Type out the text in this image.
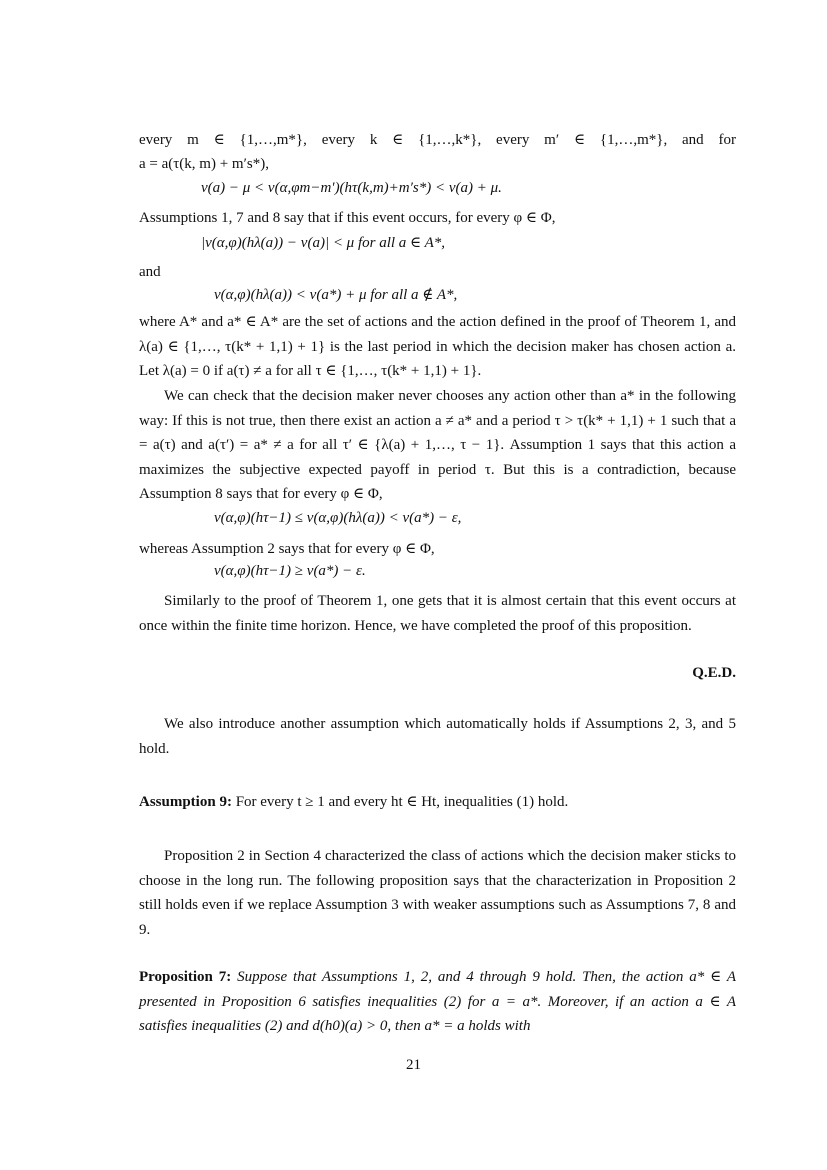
every m ∈ {1,…,m*}, every k ∈ {1,…,k*}, every m′ ∈ {1,…,m*}, and for
a = a(τ(k, m) + m′s*),
v(a) − μ < v(α,φm−m′)(hτ(k,m)+m′s*) < v(a) + μ.
Assumptions 1, 7 and 8 say that if this event occurs, for every φ ∈ Φ,
|v(α,φ)(hλ(a)) − v(a)| < μ for all a ∈ A*,
and
v(α,φ)(hλ(a)) < v(a*) + μ for all a ∉ A*,
where A* and a* ∈ A* are the set of actions and the action defined in the proof of Theorem 1, and λ(a) ∈ {1,…, τ(k* + 1,1) + 1} is the last period in which the decision maker has chosen action a. Let λ(a) = 0 if a(τ) ≠ a for all τ ∈ {1,…, τ(k* + 1,1) + 1}.
We can check that the decision maker never chooses any action other than a* in the following way: If this is not true, then there exist an action a ≠ a* and a period τ > τ(k* + 1,1) + 1 such that a = a(τ) and a(τ′) = a* ≠ a for all τ′ ∈ {λ(a) + 1,…, τ − 1}. Assumption 1 says that this action a maximizes the subjective expected payoff in period τ. But this is a contradiction, because Assumption 8 says that for every φ ∈ Φ,
v(α,φ)(hτ−1) ≤ v(α,φ)(hλ(a)) < v(a*) − ε,
whereas Assumption 2 says that for every φ ∈ Φ,
v(α,φ)(hτ−1) ≥ v(a*) − ε.
Similarly to the proof of Theorem 1, one gets that it is almost certain that this event occurs at once within the finite time horizon. Hence, we have completed the proof of this proposition.
Q.E.D.
We also introduce another assumption which automatically holds if Assumptions 2, 3, and 5 hold.
Assumption 9: For every t ≥ 1 and every ht ∈ Ht, inequalities (1) hold.
Proposition 2 in Section 4 characterized the class of actions which the decision maker sticks to choose in the long run. The following proposition says that the characterization in Proposition 2 still holds even if we replace Assumption 3 with weaker assumptions such as Assumptions 7, 8 and 9.
Proposition 7: Suppose that Assumptions 1, 2, and 4 through 9 hold. Then, the action a* ∈ A presented in Proposition 6 satisfies inequalities (2) for a = a*. Moreover, if an action a ∈ A satisfies inequalities (2) and d(h0)(a) > 0, then a* = a holds with
21
